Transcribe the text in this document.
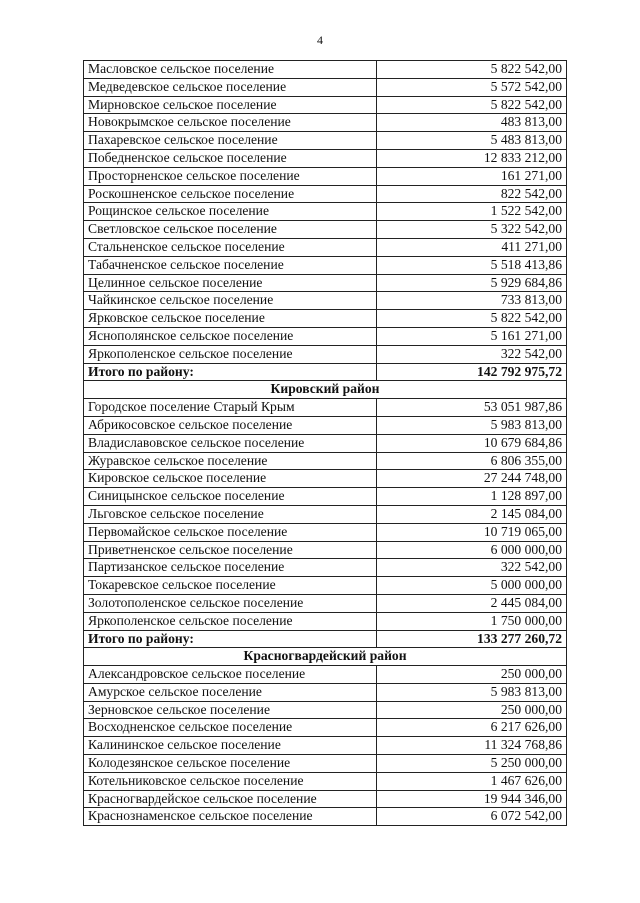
4
Масловское сельское поселение	5 822 542,00
Медведевское сельское поселение	5 572 542,00
Мирновское сельское поселение	5 822 542,00
Новокрымское сельское поселение	483 813,00
Пахаревское сельское поселение	5 483 813,00
Победненское сельское поселение	12 833 212,00
Просторненское сельское поселение	161 271,00
Роскошненское сельское поселение	822 542,00
Рощинское сельское поселение	1 522 542,00
Светловское сельское поселение	5 322 542,00
Стальненское сельское поселение	411 271,00
Табачненское сельское поселение	5 518 413,86
Целинное сельское поселение	5 929 684,86
Чайкинское сельское поселение	733 813,00
Ярковское сельское поселение	5 822 542,00
Яснополянское сельское поселение	5 161 271,00
Яркополенское сельское поселение	322 542,00
Итого по району:	142 792 975,72
Кировский район	
Городское поселение Старый Крым	53 051 987,86
Абрикосовское сельское поселение	5 983 813,00
Владиславовское сельское поселение	10 679 684,86
Журавское сельское поселение	6 806 355,00
Кировское сельское поселение	27 244 748,00
Синицынское сельское поселение	1 128 897,00
Льговское сельское поселение	2 145 084,00
Первомайское сельское поселение	10 719 065,00
Приветненское сельское поселение	6 000 000,00
Партизанское сельское поселение	322 542,00
Токаревское сельское поселение	5 000 000,00
Золотополенское сельское поселение	2 445 084,00
Яркополенское сельское поселение	1 750 000,00
Итого по району:	133 277 260,72
Красногвардейский район	
Александровское сельское поселение	250 000,00
Амурское сельское поселение	5 983 813,00
Зерновское сельское поселение	250 000,00
Восходненское сельское поселение	6 217 626,00
Калининское сельское поселение	11 324 768,86
Колодезянское сельское поселение	5 250 000,00
Котельниковское сельское поселение	1 467 626,00
Красногвардейское сельское поселение	19 944 346,00
Краснознаменское сельское поселение	6 072 542,00
